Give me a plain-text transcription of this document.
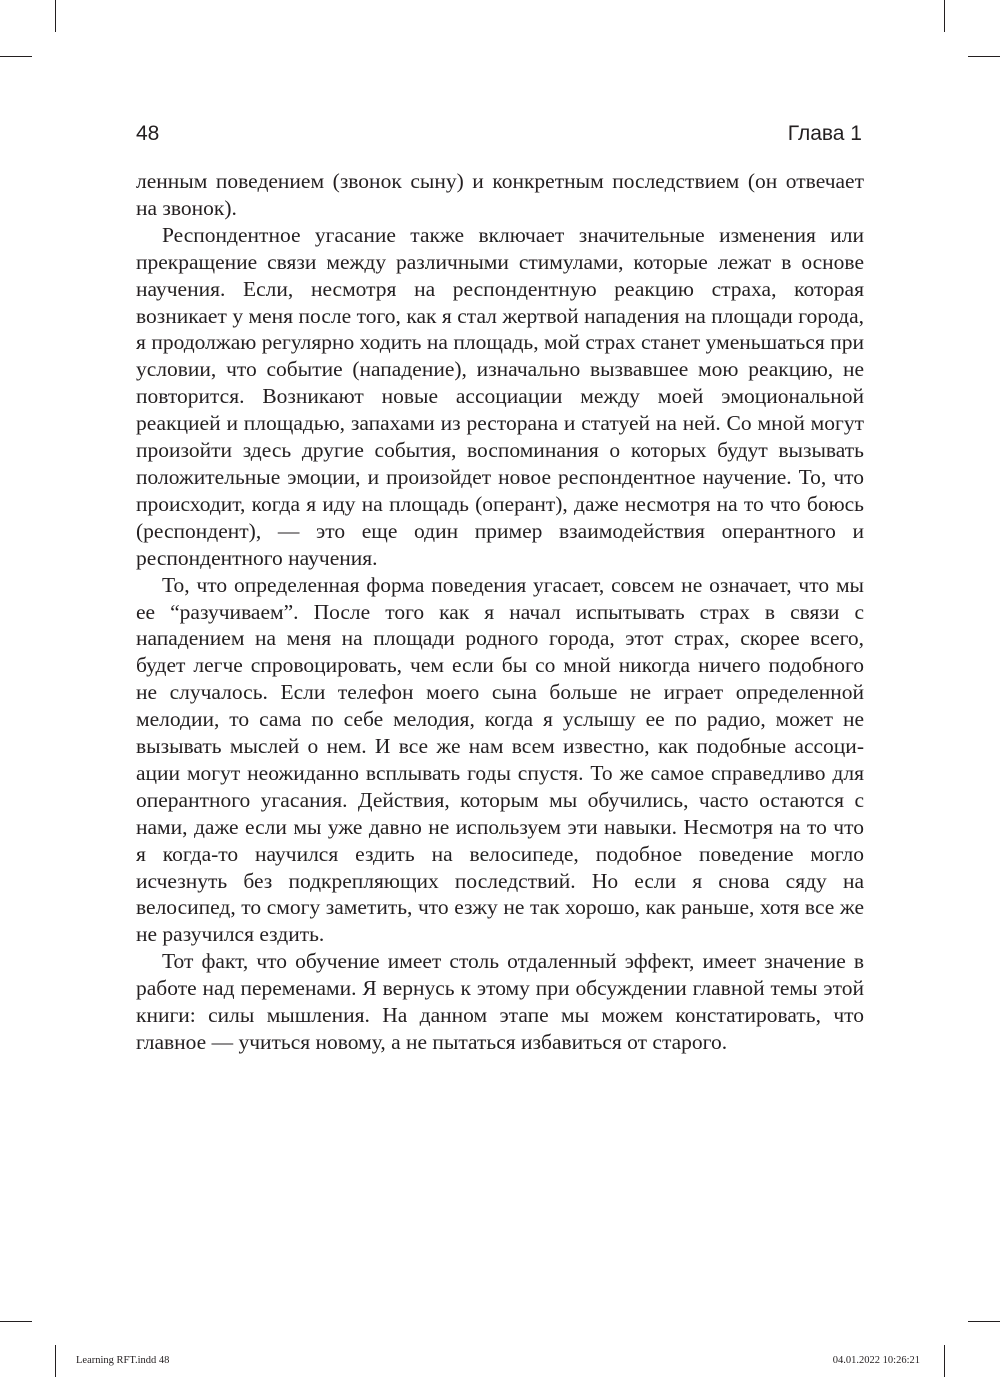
48	Глава 1

ленным поведением (звонок сыну) и конкретным последствием (он отвечает на звонок).

Респондентное угасание также включает значительные изменения или прекращение связи между различными стимулами, которые лежат в основе научения. Если, несмотря на респондентную реакцию страха, которая возникает у меня после того, как я стал жертвой нападения на площади города, я продолжаю регулярно ходить на площадь, мой страх станет уменьшаться при условии, что событие (нападение), изначально вызвавшее мою реакцию, не повторится. Возникают новые ассоциации между моей эмоциональной реакцией и площадью, запахами из ресторана и статуей на ней. Со мной могут произойти здесь другие события, воспоминания о которых будут вызывать положительные эмоции, и произойдет новое респондентное научение. То, что происходит, когда я иду на площадь (оперант), даже несмотря на то что боюсь (респондент), — это еще один пример взаимодействия оперантного и респондентного научения.

То, что определенная форма поведения угасает, совсем не означает, что мы ее “разучиваем”. После того как я начал испытывать страх в связи с нападением на меня на площади родного города, этот страх, скорее всего, будет легче спровоцировать, чем если бы со мной никогда ничего подобного не случалось. Если телефон моего сына больше не играет определенной мелодии, то сама по себе мелодия, когда я услышу ее по радио, может не вызывать мыслей о нем. И все же нам всем известно, как подобные ассоциации могут неожиданно всплывать годы спустя. То же самое справедливо для оперантного угасания. Действия, которым мы обучились, часто остаются с нами, даже если мы уже давно не используем эти навыки. Несмотря на то что я когда-то научился ездить на велосипеде, подобное поведение могло исчезнуть без подкрепляющих последствий. Но если я снова сяду на велосипед, то смогу заметить, что езжу не так хорошо, как раньше, хотя все же не разучился ездить.

Тот факт, что обучение имеет столь отдаленный эффект, имеет значение в работе над переменами. Я вернусь к этому при обсуждении главной темы этой книги: силы мышления. На данном этапе мы можем констатировать, что главное — учиться новому, а не пытаться избавиться от старого.

Learning RFT.indd 48	04.01.2022 10:26:21
